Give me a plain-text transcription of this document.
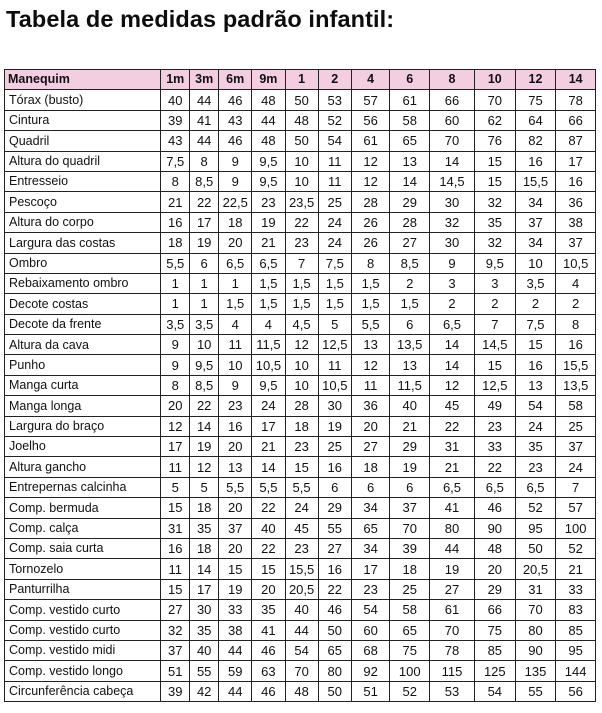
Tabela de medidas padrão infantil:
Manequim	1m	3m	6m	9m	1	2	4	6	8	10	12	14
Tórax (busto)	40	44	46	48	50	53	57	61	66	70	75	78
Cintura	39	41	43	44	48	52	56	58	60	62	64	66
Quadril	43	44	46	48	50	54	61	65	70	76	82	87
Altura do quadril	7,5	8	9	9,5	10	11	12	13	14	15	16	17
Entresseio	8	8,5	9	9,5	10	11	12	14	14,5	15	15,5	16
Pescoço	21	22	22,5	23	23,5	25	28	29	30	32	34	36
Altura do corpo	16	17	18	19	22	24	26	28	32	35	37	38
Largura das costas	18	19	20	21	23	24	26	27	30	32	34	37
Ombro	5,5	6	6,5	6,5	7	7,5	8	8,5	9	9,5	10	10,5
Rebaixamento ombro	1	1	1	1,5	1,5	1,5	1,5	2	3	3	3,5	4
Decote costas	1	1	1,5	1,5	1,5	1,5	1,5	1,5	2	2	2	2
Decote da frente	3,5	3,5	4	4	4,5	5	5,5	6	6,5	7	7,5	8
Altura da cava	9	10	11	11,5	12	12,5	13	13,5	14	14,5	15	16
Punho	9	9,5	10	10,5	10	11	12	13	14	15	16	15,5
Manga curta	8	8,5	9	9,5	10	10,5	11	11,5	12	12,5	13	13,5
Manga longa	20	22	23	24	28	30	36	40	45	49	54	58
Largura do braço	12	14	16	17	18	19	20	21	22	23	24	25
Joelho	17	19	20	21	23	25	27	29	31	33	35	37
Altura gancho	11	12	13	14	15	16	18	19	21	22	23	24
Entrepernas calcinha	5	5	5,5	5,5	5,5	6	6	6	6,5	6,5	6,5	7
Comp. bermuda	15	18	20	22	24	29	34	37	41	46	52	57
Comp. calça	31	35	37	40	45	55	65	70	80	90	95	100
Comp. saia curta	16	18	20	22	23	27	34	39	44	48	50	52
Tornozelo	11	14	15	15	15,5	16	17	18	19	20	20,5	21
Panturrilha	15	17	19	20	20,5	22	23	25	27	29	31	33
Comp. vestido curto	27	30	33	35	40	46	54	58	61	66	70	83
Comp. vestido curto	32	35	38	41	44	50	60	65	70	75	80	85
Comp. vestido midi	37	40	44	46	54	65	68	75	78	85	90	95
Comp. vestido longo	51	55	59	63	70	80	92	100	115	125	135	144
Circunferência cabeça	39	42	44	46	48	50	51	52	53	54	55	56
